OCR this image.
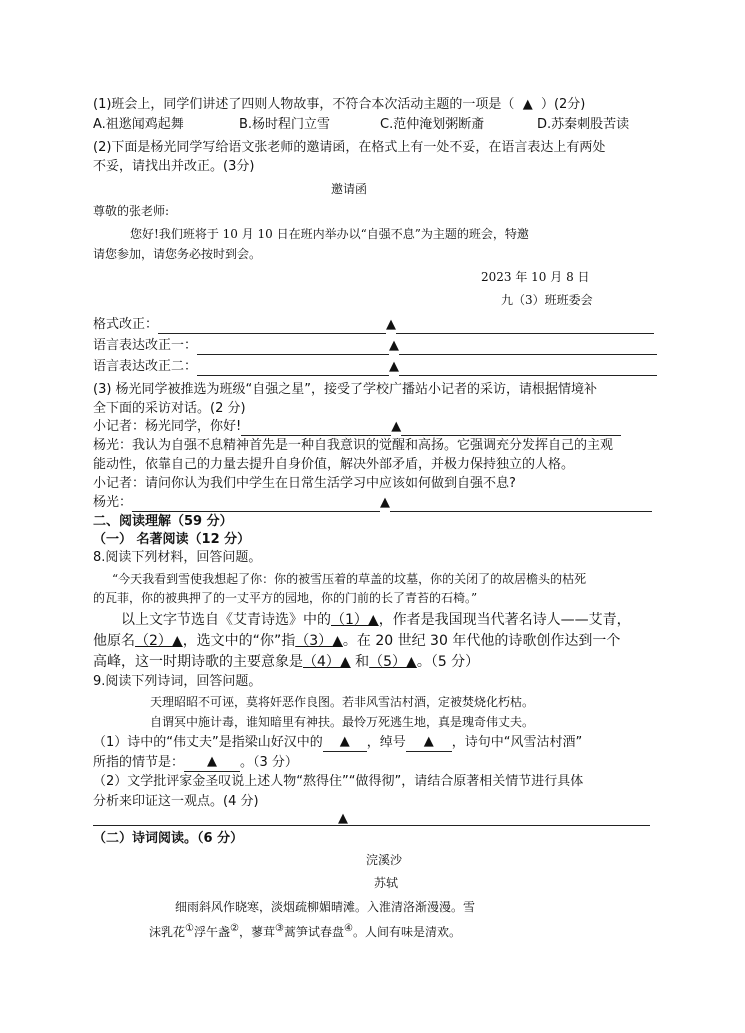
(1)班会上，同学们讲述了四则人物故事，不符合本次活动主题的一项是（ ▲ ）(2分)
A.祖逖闻鸡起舞	B.杨时程门立雪	C.范仲淹划粥断齑	D.苏秦刺股苦读
(2)下面是杨光同学写给语文张老师的邀请函，在格式上有一处不妥，在语言表达上有两处
不妥，请找出并改正。(3分)
邀请函
尊敬的张老师:
您好!我们班将于 10 月 10 日在班内举办以“自强不息”为主题的班会，特邀
请您参加，请您务必按时到会。
2023 年 10 月 8 日
九（3）班班委会
格式改正：	▲
语言表达改正一：	▲
语言表达改正二：	▲
(3) 杨光同学被推选为班级“自强之星”，接受了学校广播站小记者的采访，请根据情境补
全下面的采访对话。(2 分)
小记者：杨光同学，你好!	▲
杨光：我认为自强不息精神首先是一种自我意识的觉醒和高扬。它强调充分发挥自己的主观
能动性，依靠自己的力量去提升自身价值，解决外部矛盾，并极力保持独立的人格。
小记者：请问你认为我们中学生在日常生活学习中应该如何做到自强不息?
杨光：	▲
二、阅读理解（59 分）
（一） 名著阅读（12 分）
8.阅读下列材料，回答问题。
“今天我看到雪使我想起了你：你的被雪压着的草盖的坟墓，你的关闭了的故居檐头的枯死
的瓦菲，你的被典押了的一丈平方的园地，你的门前的长了青苔的石椅。”
以上文字节选自《艾青诗选》中的（1）▲，作者是我国现当代著名诗人——艾青，
他原名（2）▲，选文中的“你”指（3）▲。在 20 世纪 30 年代他的诗歌创作达到一个
高峰，这一时期诗歌的主要意象是（4）▲ 和（5）▲。（5 分）
9.阅读下列诗词，回答问题。
天理昭昭不可诬，莫将奸恶作良图。若非风雪沽村酒，定被焚烧化朽枯。
自谓冥中施计毒，谁知暗里有神扶。最怜万死逃生地，真是瑰奇伟丈夫。
（1）诗中的“伟丈夫”是指梁山好汉中的 ▲ ，绰号 ▲ ，诗句中“风雪沽村酒”
所指的情节是： ▲ 。（3 分）
（2）文学批评家金圣叹说上述人物“熬得住”“做得彻”，请结合原著相关情节进行具体
分析来印证这一观点。(4 分)
▲
（二）诗词阅读。（6 分）
浣溪沙
苏轼
细雨斜风作晓寒，淡烟疏柳媚晴滩。入淮清洛渐漫漫。雪
沫乳花①浮午盏②，蓼茸③蒿笋试春盘④。人间有味是清欢。
